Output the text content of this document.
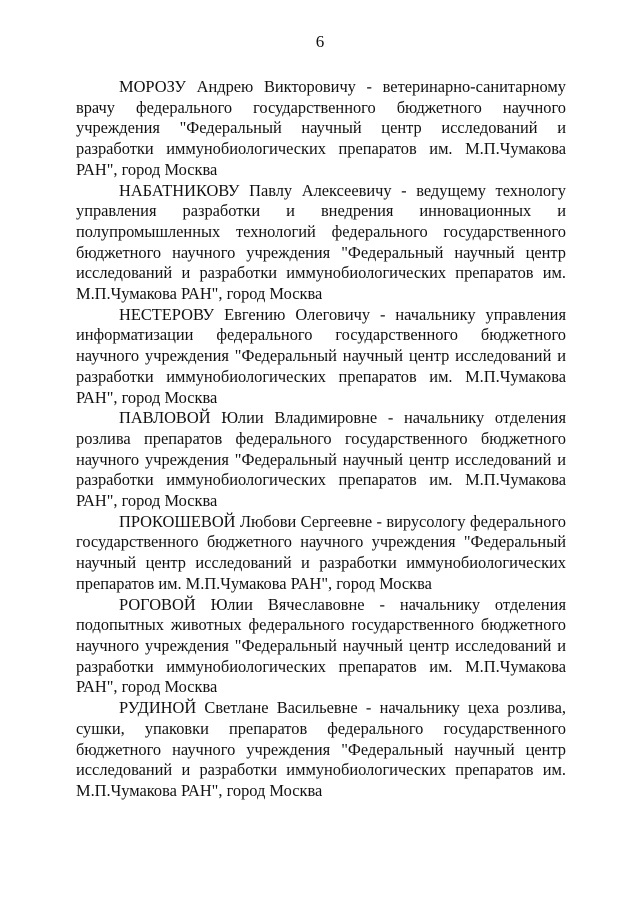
6

МОРОЗУ Андрею Викторовичу - ветеринарно-санитарному врачу федерального государственного бюджетного научного учреждения "Федеральный научный центр исследований и разработки иммунобиологических препаратов им. М.П.Чумакова РАН", город Москва

НАБАТНИКОВУ Павлу Алексеевичу - ведущему технологу управления разработки и внедрения инновационных и полупромышленных технологий федерального государственного бюджетного научного учреждения "Федеральный научный центр исследований и разработки иммунобиологических препаратов им. М.П.Чумакова РАН", город Москва

НЕСТЕРОВУ Евгению Олеговичу - начальнику управления информатизации федерального государственного бюджетного научного учреждения "Федеральный научный центр исследований и разработки иммунобиологических препаратов им. М.П.Чумакова РАН", город Москва

ПАВЛОВОЙ Юлии Владимировне - начальнику отделения розлива препаратов федерального государственного бюджетного научного учреждения "Федеральный научный центр исследований и разработки иммунобиологических препаратов им. М.П.Чумакова РАН", город Москва

ПРОКОШЕВОЙ Любови Сергеевне - вирусологу федерального государственного бюджетного научного учреждения "Федеральный научный центр исследований и разработки иммунобиологических препаратов им. М.П.Чумакова РАН", город Москва

РОГОВОЙ Юлии Вячеславовне - начальнику отделения подопытных животных федерального государственного бюджетного научного учреждения "Федеральный научный центр исследований и разработки иммунобиологических препаратов им. М.П.Чумакова РАН", город Москва

РУДИНОЙ Светлане Васильевне - начальнику цеха розлива, сушки, упаковки препаратов федерального государственного бюджетного научного учреждения "Федеральный научный центр исследований и разработки иммунобиологических препаратов им. М.П.Чумакова РАН", город Москва
